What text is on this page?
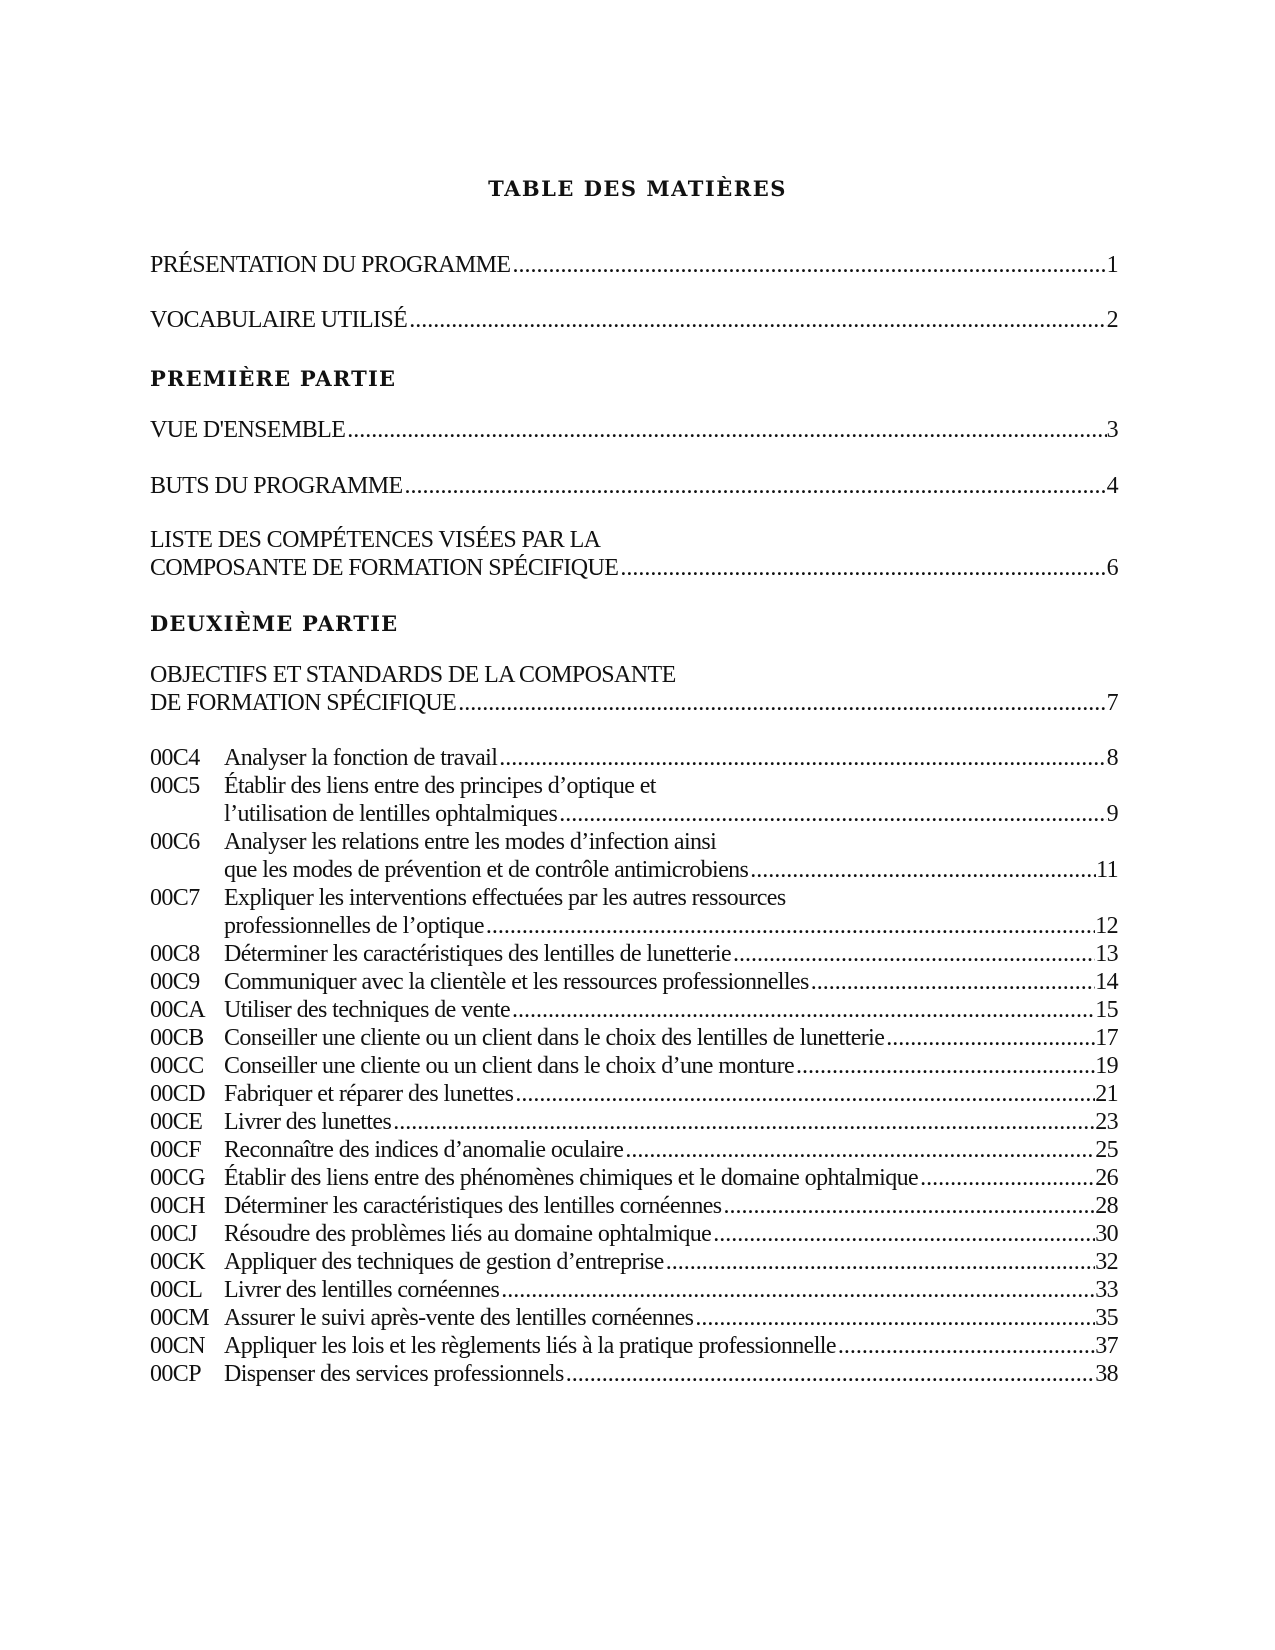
TABLE DES MATIÈRES
PRÉSENTATION DU PROGRAMME .....	1
VOCABULAIRE UTILISÉ .....	2
PREMIÈRE PARTIE
VUE D'ENSEMBLE .....	3
BUTS DU PROGRAMME .....	4
LISTE DES COMPÉTENCES VISÉES PAR LA
COMPOSANTE DE FORMATION SPÉCIFIQUE .....	6
DEUXIÈME PARTIE
OBJECTIFS ET STANDARDS DE LA COMPOSANTE
DE FORMATION SPÉCIFIQUE .....	7
00C4 Analyser la fonction de travail .....	8
00C5 Établir des liens entre des principes d’optique et
l’utilisation de lentilles ophtalmiques .....	9
00C6 Analyser les relations entre les modes d’infection ainsi
que les modes de prévention et de contrôle antimicrobiens .....	11
00C7 Expliquer les interventions effectuées par les autres ressources
professionnelles de l’optique .....	12
00C8 Déterminer les caractéristiques des lentilles de lunetterie .....	13
00C9 Communiquer avec la clientèle et les ressources professionnelles .....	14
00CA Utiliser des techniques de vente .....	15
00CB Conseiller une cliente ou un client dans le choix des lentilles de lunetterie .....	17
00CC Conseiller une cliente ou un client dans le choix d’une monture .....	19
00CD Fabriquer et réparer des lunettes .....	21
00CE Livrer des lunettes .....	23
00CF Reconnaître des indices d’anomalie oculaire .....	25
00CG Établir des liens entre des phénomènes chimiques et le domaine ophtalmique .....	26
00CH Déterminer les caractéristiques des lentilles cornéennes .....	28
00CJ Résoudre des problèmes liés au domaine ophtalmique .....	30
00CK Appliquer des techniques de gestion d’entreprise .....	32
00CL Livrer des lentilles cornéennes .....	33
00CM Assurer le suivi après-vente des lentilles cornéennes .....	35
00CN Appliquer les lois et les règlements liés à la pratique professionnelle .....	37
00CP Dispenser des services professionnels .....	38
